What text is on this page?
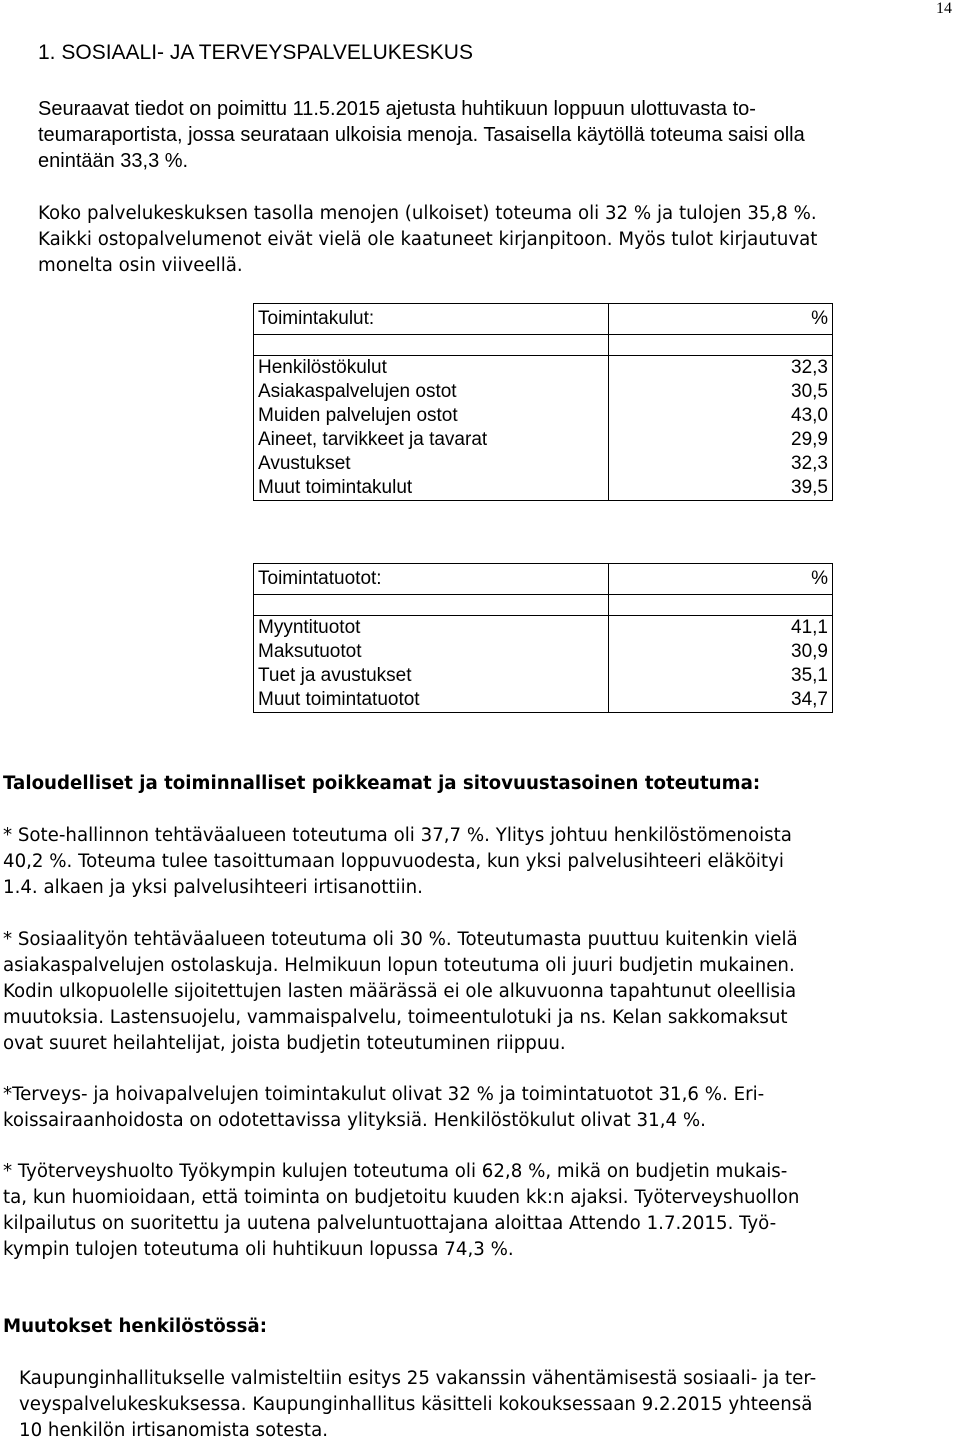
14
1. SOSIAALI- JA TERVEYSPALVELUKESKUS

Seuraavat tiedot on poimittu 11.5.2015 ajetusta huhtikuun loppuun ulottuvasta to-
teumaraportista, jossa seurataan ulkoisia menoja. Tasaisella käytöllä toteuma saisi olla
enintään 33,3 %.

Koko palvelukeskuksen tasolla menojen (ulkoiset) toteuma oli 32 % ja tulojen 35,8 %.
Kaikki ostopalvelumenot eivät vielä ole kaatuneet kirjanpitoon. Myös tulot kirjautuvat
monelta osin viiveellä.

Toimintakulut:	%

Henkilöstökulut	32,3
Asiakaspalvelujen ostot	30,5
Muiden palvelujen ostot	43,0
Aineet, tarvikkeet ja tavarat	29,9
Avustukset	32,3
Muut toimintakulut	39,5
Toimintatuotot:	%

Myyntituotot	41,1
Maksutuotot	30,9
Tuet ja avustukset	35,1
Muut toimintatuotot	34,7
Taloudelliset ja toiminnalliset poikkeamat ja sitovuustasoinen toteutuma:

* Sote-hallinnon tehtäväalueen toteutuma oli 37,7 %. Ylitys johtuu henkilöstömenoista
40,2 %. Toteuma tulee tasoittumaan loppuvuodesta, kun yksi palvelusihteeri eläköityi
1.4. alkaen ja yksi palvelusihteeri irtisanottiin.

* Sosiaalityön tehtäväalueen toteutuma oli 30 %. Toteutumasta puuttuu kuitenkin vielä
asiakaspalvelujen ostolaskuja. Helmikuun lopun toteutuma oli juuri budjetin mukainen.
Kodin ulkopuolelle sijoitettujen lasten määrässä ei ole alkuvuonna tapahtunut oleellisia
muutoksia. Lastensuojelu, vammaispalvelu, toimeentulotuki ja ns. Kelan sakkomaksut
ovat suuret heilahtelijat, joista budjetin toteutuminen riippuu.

*Terveys- ja hoivapalvelujen toimintakulut olivat 32 % ja toimintatuotot 31,6 %. Eri-
koissairaanhoidosta on odotettavissa ylityksiä. Henkilöstökulut olivat 31,4 %.

* Työterveyshuolto Työkympin kulujen toteutuma oli 62,8 %, mikä on budjetin mukais-
ta, kun huomioidaan, että toiminta on budjetoitu kuuden kk:n ajaksi. Työterveyshuollon
kilpailutus on suoritettu ja uutena palveluntuottajana aloittaa Attendo 1.7.2015. Työ-
kympin tulojen toteutuma oli huhtikuun lopussa 74,3 %.

Muutokset henkilöstössä:

Kaupunginhallitukselle valmisteltiin esitys 25 vakanssin vähentämisestä sosiaali- ja ter-
veyspalvelukeskuksessa. Kaupunginhallitus käsitteli kokouksessaan 9.2.2015 yhteensä
10 henkilön irtisanomista sotesta.
